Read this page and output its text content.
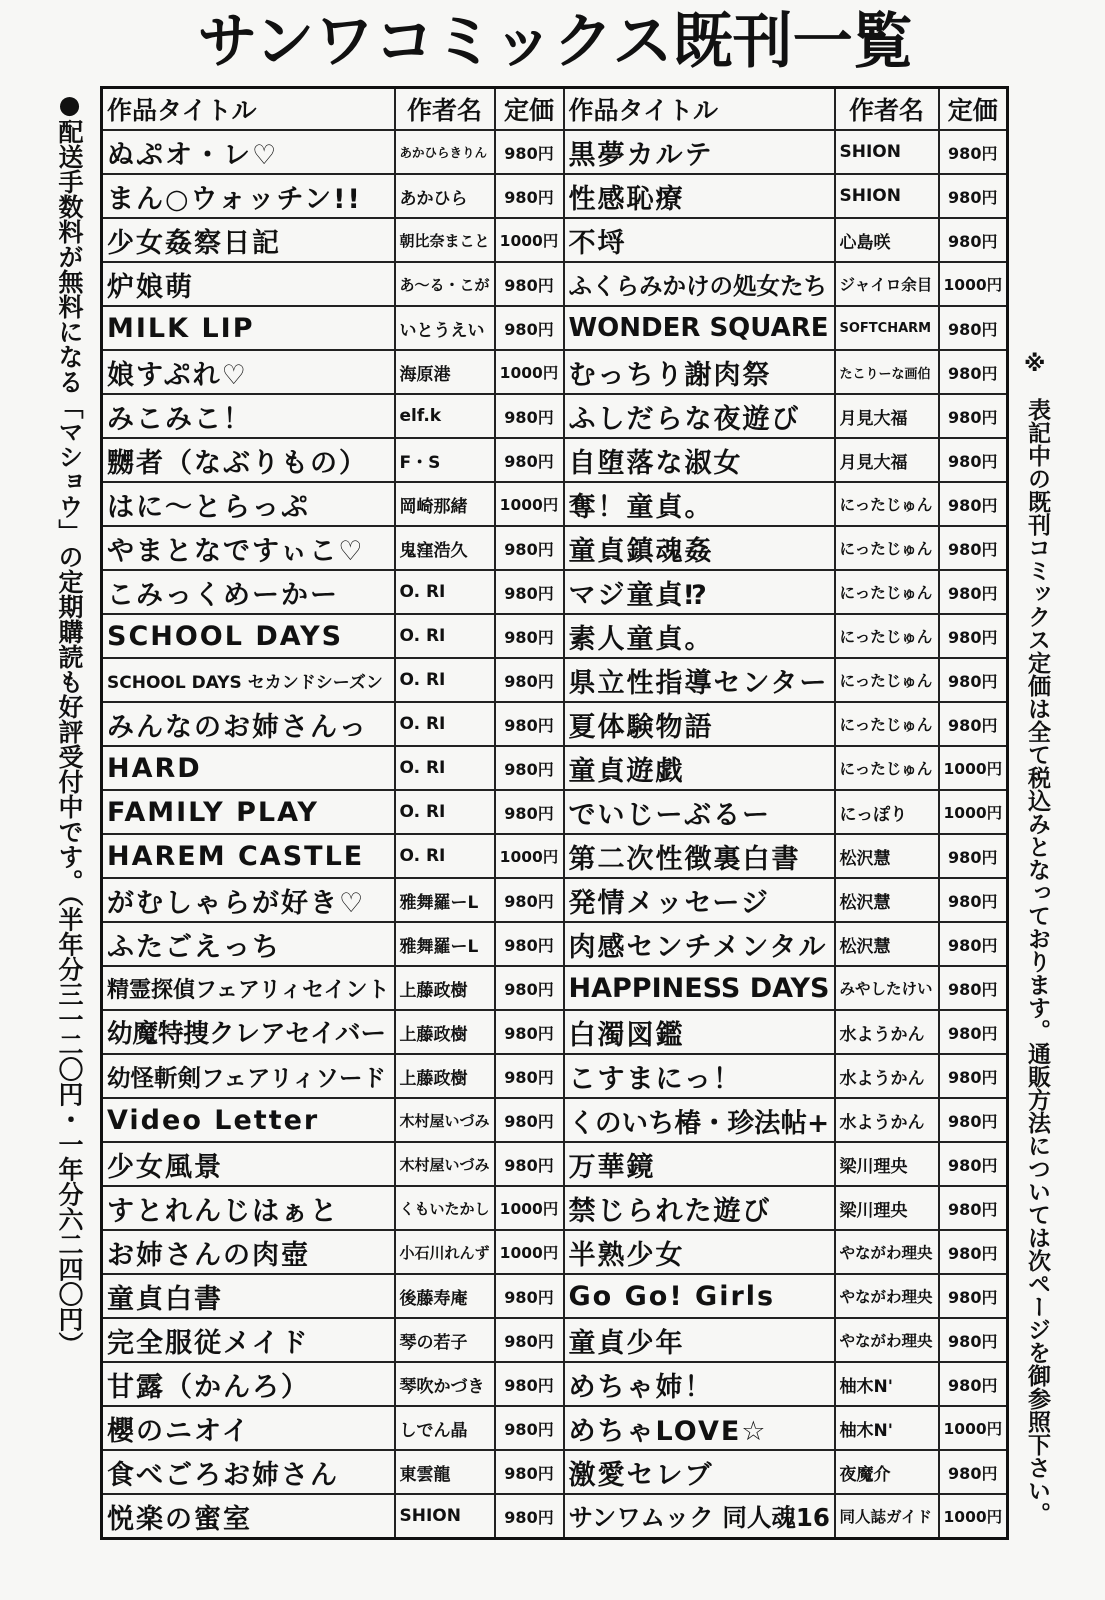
サンワコミックス既刊一覧
●配送手数料が無料になる「マショウ」の定期購読も好評受付中です。（半年分三一二〇円・一年分六二四〇円）	※
表記中の既刊コミックス定価は全て税込みとなっております。通販方法については次ページを御参照下さい。
作品タイトル	作者名	定価	作品タイトル	作者名	定価
ぬぷオ・レ♡	あかひらきりん	980円	黒夢カルテ	SHION	980円
まん○ウォッチン!!	あかひら	980円	性感恥療	SHION	980円
少女姦察日記	朝比奈まこと	1000円	不埒	心島咲	980円
炉娘萌	あ〜る・こが	980円	ふくらみかけの処女たち	ジャイロ余目	1000円
MILK LIP	いとうえい	980円	WONDER SQUARE	SOFTCHARM	980円
娘すぷれ♡	海原港	1000円	むっちり謝肉祭	たこりーな画伯	980円
みこみこ！	elf.k	980円	ふしだらな夜遊び	月見大福	980円
嬲者（なぶりもの）	F・S	980円	自堕落な淑女	月見大福	980円
はに〜とらっぷ	岡崎那緒	1000円	奪！童貞。	にったじゅん	980円
やまとなですぃこ♡	鬼窪浩久	980円	童貞鎮魂姦	にったじゅん	980円
こみっくめーかー	O. RI	980円	マジ童貞⁉	にったじゅん	980円
SCHOOL DAYS	O. RI	980円	素人童貞。	にったじゅん	980円
SCHOOL DAYS セカンドシーズン	O. RI	980円	県立性指導センター	にったじゅん	980円
みんなのお姉さんっ	O. RI	980円	夏体験物語	にったじゅん	980円
HARD	O. RI	980円	童貞遊戯	にったじゅん	1000円
FAMILY PLAY	O. RI	980円	でいじーぶるー	にっぽり	1000円
HAREM CASTLE	O. RI	1000円	第二次性徴裏白書	松沢慧	980円
がむしゃらが好き♡	雅舞羅ーL	980円	発情メッセージ	松沢慧	980円
ふたごえっち	雅舞羅ーL	980円	肉感センチメンタル	松沢慧	980円
精霊探偵フェアリィセイント	上藤政樹	980円	HAPPINESS DAYS	みやしたけい	980円
幼魔特捜クレアセイバー	上藤政樹	980円	白濁図鑑	水ようかん	980円
幼怪斬剣フェアリィソード	上藤政樹	980円	こすまにっ！	水ようかん	980円
Video Letter	木村屋いづみ	980円	くのいち椿・珍法帖+	水ようかん	980円
少女風景	木村屋いづみ	980円	万華鏡	梁川理央	980円
すとれんじはぁと	くもいたかし	1000円	禁じられた遊び	梁川理央	980円
お姉さんの肉壺	小石川れんず	1000円	半熟少女	やながわ理央	980円
童貞白書	後藤寿庵	980円	Go Go! Girls	やながわ理央	980円
完全服従メイド	琴の若子	980円	童貞少年	やながわ理央	980円
甘露（かんろ）	琴吹かづき	980円	めちゃ姉！	柚木N'	980円
櫻のニオイ	しでん晶	980円	めちゃLOVE☆	柚木N'	1000円
食べごろお姉さん	東雲龍	980円	激愛セレブ	夜魔介	980円
悦楽の蜜室	SHION	980円	サンワムック 同人魂16	同人誌ガイド	1000円
